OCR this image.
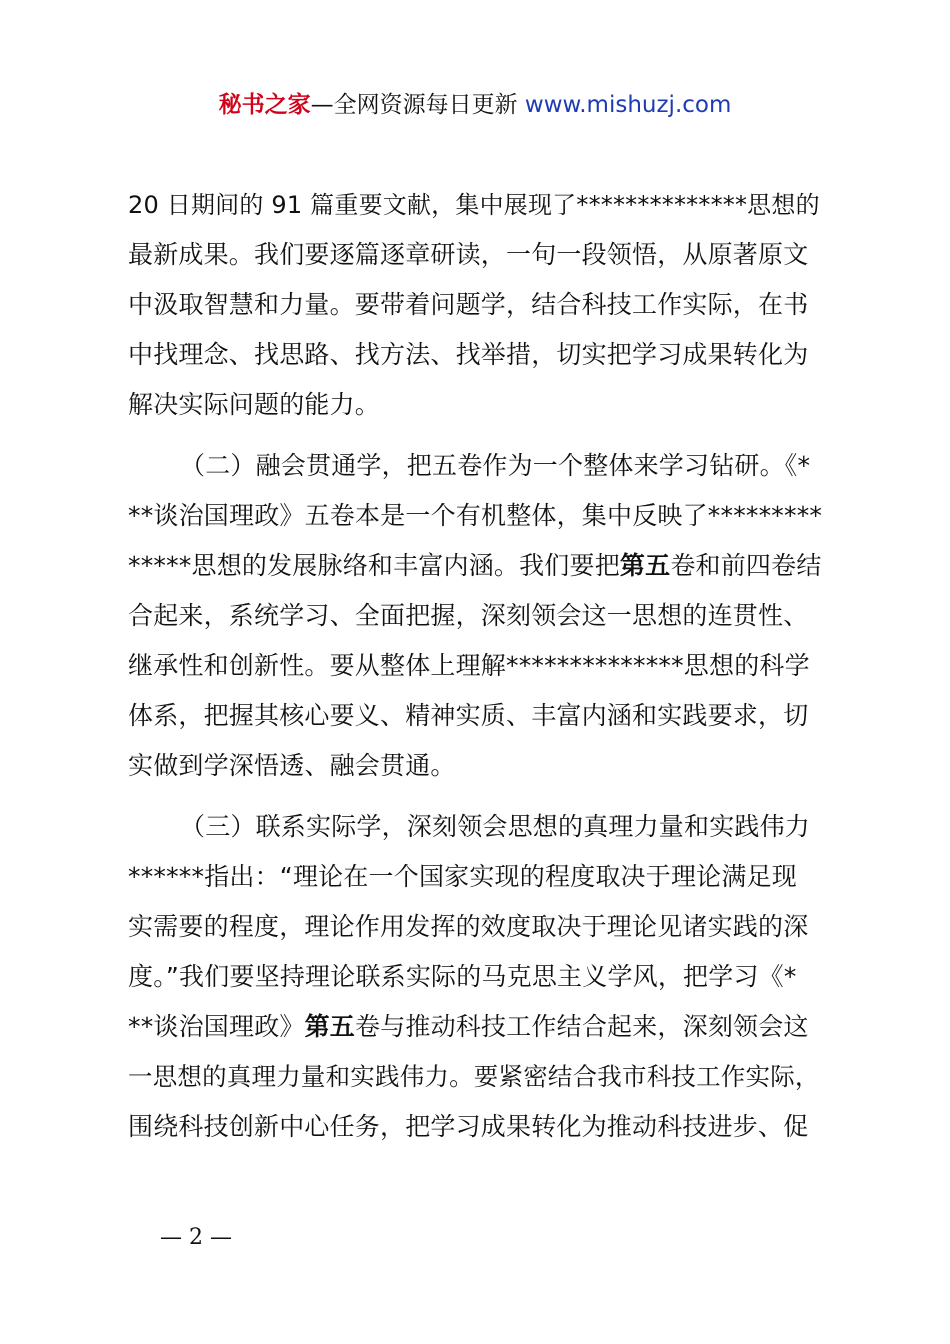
秘书之家—全网资源每日更新 www.mishuzj.com
20 日期间的 91 篇重要文献，集中展现了**************思想的
最新成果。我们要逐篇逐章研读，一句一段领悟，从原著原文
中汲取智慧和力量。要带着问题学，结合科技工作实际，在书
中找理念、找思路、找方法、找举措，切实把学习成果转化为
解决实际问题的能力。
（二）融会贯通学，把五卷作为一个整体来学习钻研。《*
**谈治国理政》五卷本是一个有机整体，集中反映了*********
*****思想的发展脉络和丰富内涵。我们要把第五卷和前四卷结
合起来，系统学习、全面把握，深刻领会这一思想的连贯性、
继承性和创新性。要从整体上理解**************思想的科学
体系，把握其核心要义、精神实质、丰富内涵和实践要求，切
实做到学深悟透、融会贯通。
（三）联系实际学，深刻领会思想的真理力量和实践伟力
******指出：“理论在一个国家实现的程度取决于理论满足现
实需要的程度，理论作用发挥的效度取决于理论见诸实践的深
度。”我们要坚持理论联系实际的马克思主义学风，把学习《*
**谈治国理政》第五卷与推动科技工作结合起来，深刻领会这
一思想的真理力量和实践伟力。要紧密结合我市科技工作实际，
围绕科技创新中心任务，把学习成果转化为推动科技进步、促
— 2 —
